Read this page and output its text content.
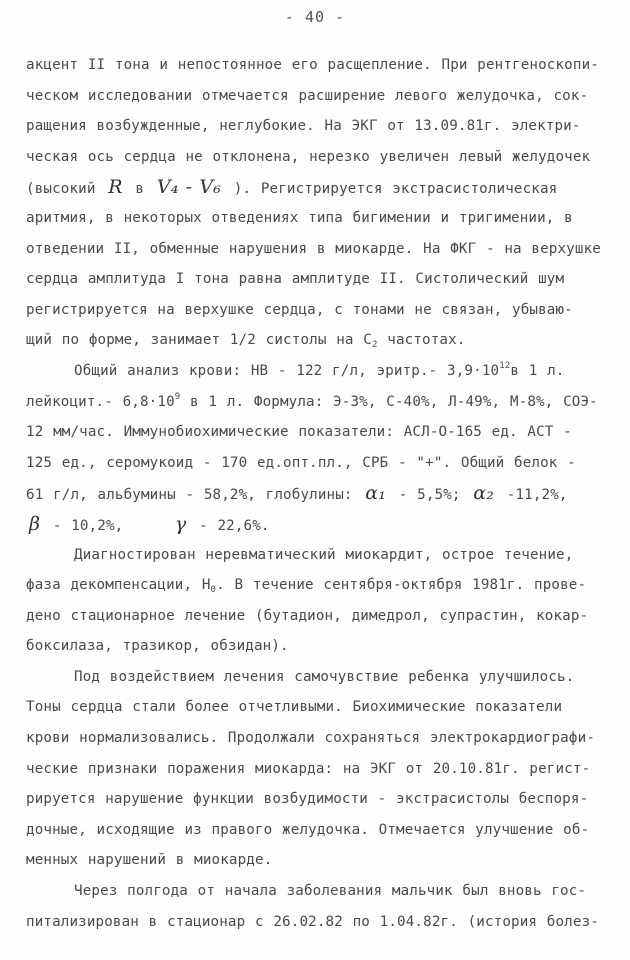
- 40 -
акцент II тона и непостоянное его расщепление. При рентгеноскопи-
ческом исследовании отмечается расширение левого желудочка, сок-
ращения возбужденные, неглубокие. На ЭКГ от 13.09.81г. электри-
ческая ось сердца не отклонена, нерезко увеличен левый желудочек
(высокий R в V₄ - V₆ ). Регистрируется экстрасистолическая
аритмия, в некоторых отведениях типа бигимении и тригимении, в
отведении II, обменные нарушения в миокарде. На ФКГ - на верхушке
сердца амплитуда I тона равна амплитуде II. Систолический шум
регистрируется на верхушке сердца, с тонами не связан, убываю-
щий по форме, занимает 1/2 систолы на $С_2$ частотах.
Общий анализ крови: НВ - 122 г/л, эритр.- $3,9\cdot 10^{12}в$ 1 л.
лейкоцит.- $6,8\cdot 10^9$ в 1 л. Формула: Э-3%, С-40%, Л-49%, М-8%, СОЭ-
12 мм/час. Иммунобиохимические показатели: АСЛ-О-165 ед. АСТ -
125 ед., серомукоид - 170 ед.опт.пл., СРБ - "+". Общий белок -
61 г/л, альбумины - 58,2%, глобулины: α₁ - 5,5%; α₂ -11,2%,
β - 10,2%,	γ - 22,6%.
Диагностирован неревматический миокардит, острое течение,
фаза декомпенсации, $Н_0$. В течение сентября-октября 1981г. прове-
дено стационарное лечение (бутадион, димедрол, супрастин, кокар-
боксилаза, тразикор, обзидан).
Под воздействием лечения самочувствие ребенка улучшилось.
Тоны сердца стали более отчетливыми. Биохимические показатели
крови нормализовались. Продолжали сохраняться электрокардиографи-
ческие признаки поражения миокарда: на ЭКГ от 20.10.81г. регист-
рируется нарушение функции возбудимости - экстрасистолы беспоря-
дочные, исходящие из правого желудочка. Отмечается улучшение об-
менных нарушений в миокарде.
Через полгода от начала заболевания мальчик был вновь гос-
питализирован в стационар с 26.02.82 по 1.04.82г. (история болез-
